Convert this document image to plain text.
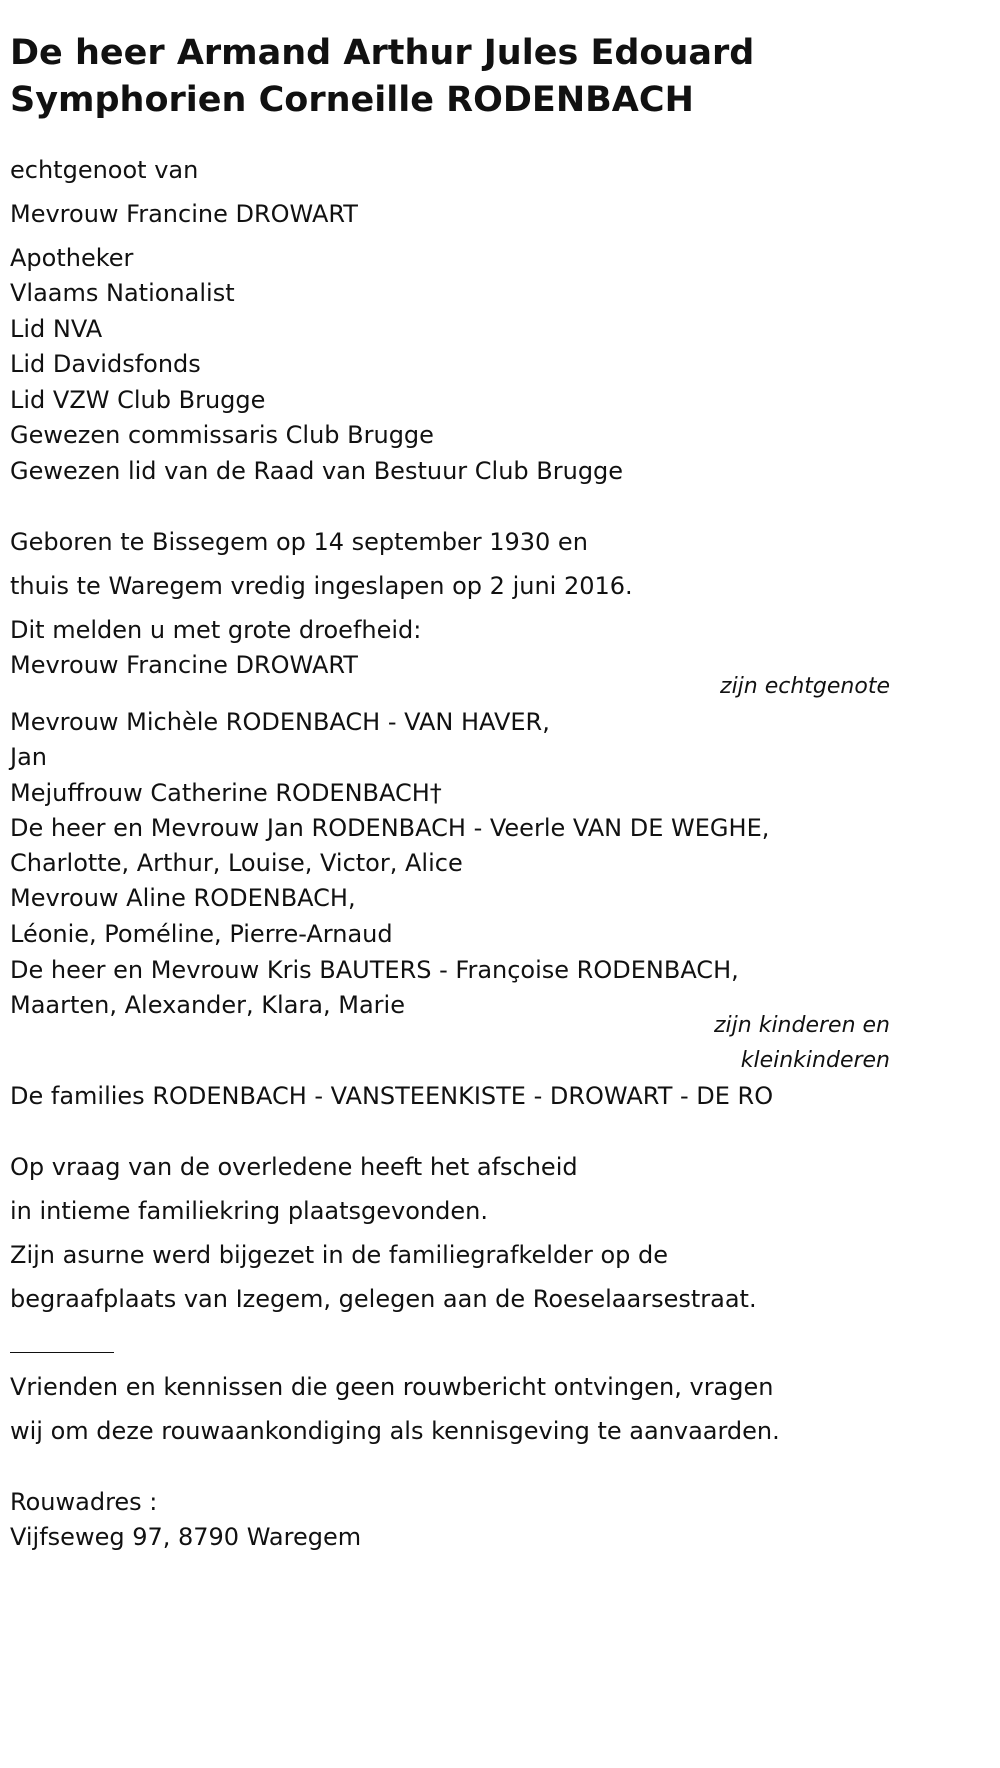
De heer Armand Arthur Jules Edouard
Symphorien Corneille RODENBACH
echtgenoot van
Mevrouw Francine DROWART
Apotheker
Vlaams Nationalist
Lid NVA
Lid Davidsfonds
Lid VZW Club Brugge
Gewezen commissaris Club Brugge
Gewezen lid van de Raad van Bestuur Club Brugge
Geboren te Bissegem op 14 september 1930 en
thuis te Waregem vredig ingeslapen op 2 juni 2016.
Dit melden u met grote droefheid:
Mevrouw Francine DROWART
zijn echtgenote
Mevrouw Michèle RODENBACH - VAN HAVER,
Jan
Mejuffrouw Catherine RODENBACH†
De heer en Mevrouw Jan RODENBACH - Veerle VAN DE WEGHE,
Charlotte, Arthur, Louise, Victor, Alice
Mevrouw Aline RODENBACH,
Léonie, Poméline, Pierre-Arnaud
De heer en Mevrouw Kris BAUTERS - Françoise RODENBACH,
Maarten, Alexander, Klara, Marie
zijn kinderen en
kleinkinderen
De families RODENBACH - VANSTEENKISTE - DROWART - DE RO
Op vraag van de overledene heeft het afscheid
in intieme familiekring plaatsgevonden.
Zijn asurne werd bijgezet in de familiegrafkelder op de
begraafplaats van Izegem, gelegen aan de Roeselaarsestraat.
Vrienden en kennissen die geen rouwbericht ontvingen, vragen
wij om deze rouwaankondiging als kennisgeving te aanvaarden.
Rouwadres :
Vijfseweg 97, 8790 Waregem
